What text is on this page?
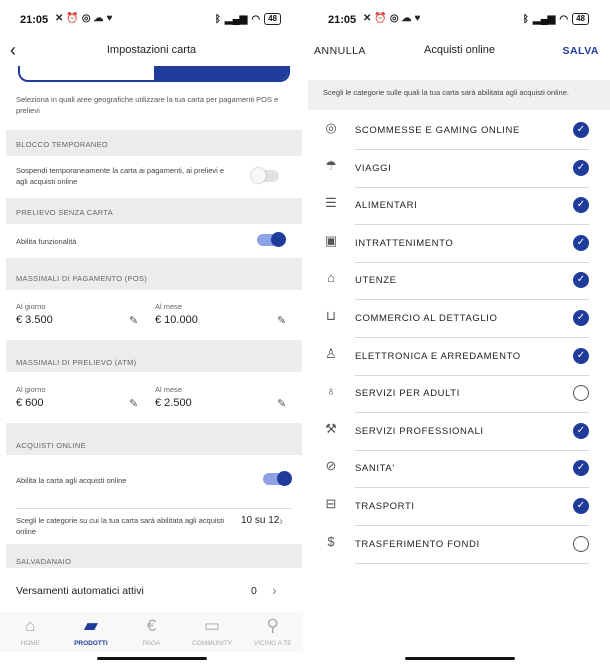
21:05 ✕⏰◎☁♥	ᛒ ▂▄▆ ◠	48
‹	Impostazioni carta
Seleziona in quali aree geografiche utilizzare la tua carta per pagamenti POS e prelievi
BLOCCO TEMPORANEO
Sospendi temporaneamente la carta ai pagamenti, ai prelievi e agli acquisti online
PRELIEVO SENZA CARTA
Abilita funzionalità
MASSIMALI DI PAGAMENTO (POS)
Al giorno
€ 3.500	✎
Al mese
€ 10.000	✎
MASSIMALI DI PRELIEVO (ATM)
Al giorno
€ 600	✎
Al mese
€ 2.500	✎
ACQUISTI ONLINE
Abilita la carta agli acquisti online
Scegli le categorie su cui la tua carta sarà abilitata agli acquisti online
10 su 12 ›
SALVADANAIO
Versamenti automatici attivi	0 ›
⌂
HOME
▰
PRODOTTI
€
PAGA
▭
COMMUNITY
⚲
VICINO A TE
21:05 ✕⏰◎☁♥	ᛒ ▂▄▆ ◠	48
ANNULLA	Acquisti online	SALVA
Scegli le categorie sulle quali la tua carta sarà abilitata agli acquisti online.
◎	SCOMMESSE E GAMING ONLINE	✓
☂	VIAGGI	✓
☰	ALIMENTARI	✓
▣	INTRATTENIMENTO	✓
⌂	UTENZE	✓
⊔	COMMERCIO AL DETTAGLIO	✓
♙	ELETTRONICA E ARREDAMENTO	✓
♁	SERVIZI PER ADULTI
⚒	SERVIZI PROFESSIONALI	✓
⊘	SANITA'	✓
⊟	TRASPORTI	✓
$	TRASFERIMENTO FONDI
